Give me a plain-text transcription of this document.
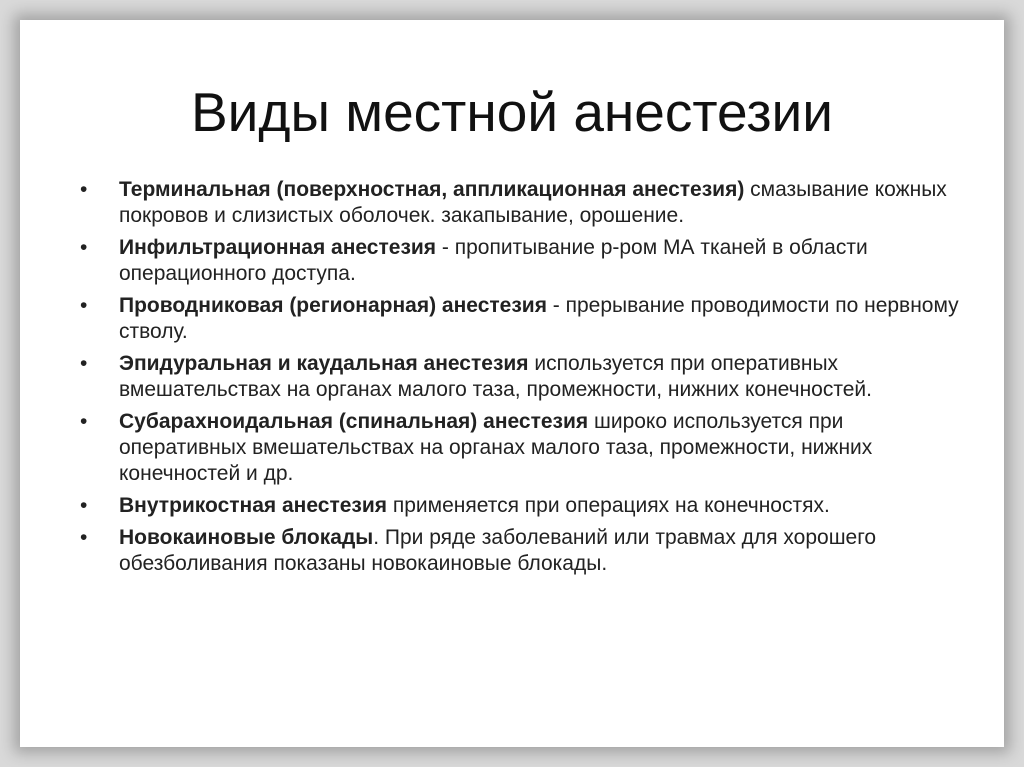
Виды местной анестезии
• Терминальная (поверхностная, аппликационная анестезия) смазывание кожных покровов и слизистых оболочек. закапывание, орошение.
• Инфильтрационная анестезия - пропитывание р-ром МА тканей в области операционного доступа.
• Проводниковая (регионарная) анестезия - прерывание проводимости по нервному стволу.
• Эпидуральная и каудальная анестезия используется при оперативных вмешательствах на органах малого таза, промежности, нижних конечностей.
• Субарахноидальная (спинальная) анестезия широко используется при оперативных вмешательствах на органах малого таза, промежности, нижних конечностей и др.
• Внутрикостная анестезия применяется при операциях на конечностях.
• Новокаиновые блокады. При ряде заболеваний или травмах для хорошего обезболивания показаны новокаиновые блокады.
